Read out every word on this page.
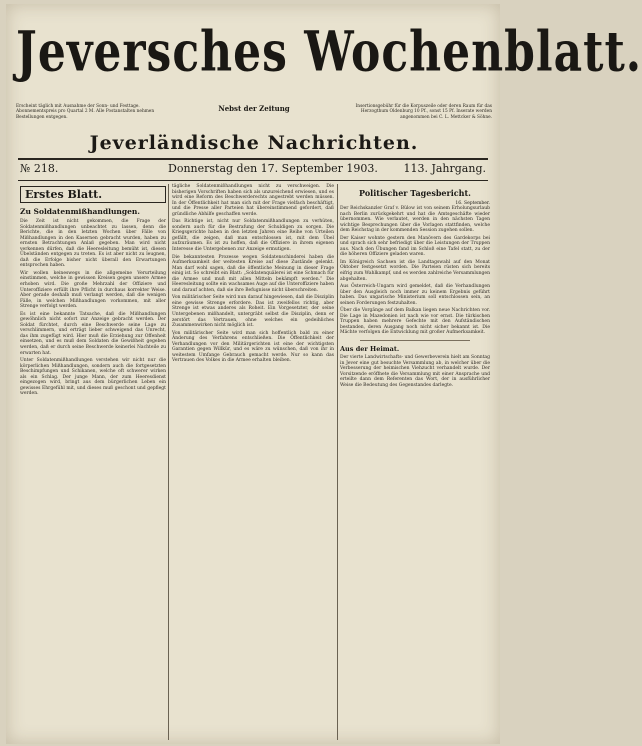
Jeversches Wochenblatt.
Erscheint täglich mit Ausnahme der Sonn- und Festtage. Abonnementspreis pro Quartal 2 M. Alle Postanstalten nehmen Bestellungen entgegen.
Nebst der Zeitung	Insertionsgebühr für die Korpuszeile oder deren Raum für das Herzogthum Oldenburg 10 Pf., sonst 15 Pf. Inserate werden angenommen bei C. L. Mettcker & Söhne.
Jeverländische Nachrichten.
№ 218.	Donnerstag den 17. September 1903. 113. Jahrgang.
Erstes Blatt.
Zu Soldatenmißhandlungen.

Die Zeit ist nicht gekommen, die Frage der Soldatenmißhandlungen unbeachtet zu lassen, denn die Berichte, die in den letzten Wochen über Fälle von Mißhandlungen in den Kasernen gebracht wurden, haben zu ernsten Betrachtungen Anlaß gegeben. Man wird nicht verkennen dürfen, daß die Heeresleitung bemüht ist, diesen Übelständen entgegen zu treten. Es ist aber nicht zu leugnen, daß die Erfolge bisher nicht überall den Erwartungen entsprochen haben.

Wir wollen keineswegs in die allgemeine Verurteilung einstimmen, welche in gewissen Kreisen gegen unsere Armee erhoben wird. Die große Mehrzahl der Offiziere und Unteroffiziere erfüllt ihre Pflicht in durchaus korrekter Weise. Aber gerade deshalb muß verlangt werden, daß die wenigen Fälle, in welchen Mißhandlungen vorkommen, mit aller Strenge verfolgt werden.

Es ist eine bekannte Tatsache, daß die Mißhandlungen gewöhnlich nicht sofort zur Anzeige gebracht werden. Der Soldat fürchtet, durch eine Beschwerde seine Lage zu verschlimmern, und erträgt lieber schweigend das Unrecht, das ihm zugefügt wird. Hier muß die Erziehung zur Offenheit einsetzen, und es muß dem Soldaten die Gewißheit gegeben werden, daß er durch seine Beschwerde keinerlei Nachteile zu erwarten hat.

Unter Soldatenmißhandlungen verstehen wir nicht nur die körperlichen Mißhandlungen, sondern auch die fortgesetzten Beschimpfungen und Schikanen, welche oft schwerer wirken als ein Schlag. Der junge Mann, der zum Heeresdienst eingezogen wird, bringt aus dem bürgerlichen Leben ein gewisses Ehrgefühl mit, und dieses muß geschont und gepflegt werden.

tägliche Soldatenmißhandlungen nicht zu verschweigen. Die bisherigen Vorschriften haben sich als unzureichend erwiesen, und es wird eine Reform des Beschwerderechts angestrebt werden müssen. In der Öffentlichkeit hat man sich mit der Frage vielfach beschäftigt, und die Presse aller Parteien hat übereinstimmend gefordert, daß gründliche Abhilfe geschaffen werde.

Das Richtige ist, nicht nur Soldatenmißhandlungen zu verhüten, sondern auch für die Bestrafung der Schuldigen zu sorgen. Die Kriegsgerichte haben in den letzten Jahren eine Reihe von Urteilen gefällt, die zeigen, daß man entschlossen ist, mit dem Übel aufzuräumen. Es ist zu hoffen, daß die Offiziere in ihrem eigenen Interesse die Untergebenen zur Anzeige ermutigen.

Die bekanntesten Prozesse wegen Soldatenschinderei haben die Aufmerksamkeit der weitesten Kreise auf diese Zustände gelenkt. Man darf wohl sagen, daß die öffentliche Meinung in dieser Frage einig ist. So schreibt ein Blatt: „Soldatenquälerei ist eine Schmach für die Armee und muß mit allen Mitteln bekämpft werden.“ Die Heeresleitung sollte ein wachsames Auge auf die Unteroffiziere haben und darauf achten, daß sie ihre Befugnisse nicht überschreiten.

Von militärischer Seite wird nun darauf hingewiesen, daß die Disziplin eine gewisse Strenge erfordere. Das ist zweifellos richtig, aber Strenge ist etwas anderes als Roheit. Ein Vorgesetzter, der seine Untergebenen mißhandelt, untergräbt selbst die Disziplin, denn er zerstört das Vertrauen, ohne welches ein gedeihliches Zusammenwirken nicht möglich ist.

Von militärischer Seite wird man sich hoffentlich bald zu einer Änderung des Verfahrens entschließen. Die Öffentlichkeit der Verhandlungen vor den Militärgerichten ist eine der wichtigsten Garantien gegen Willkür, und es wäre zu wünschen, daß von ihr in weitestem Umfange Gebrauch gemacht werde. Nur so kann das Vertrauen des Volkes in die Armee erhalten bleiben.

Politischer Tagesbericht.
16. September.

Der Reichskanzler Graf v. Bülow ist von seinem Erholungsurlaub nach Berlin zurückgekehrt und hat die Amtsgeschäfte wieder übernommen. Wie verlautet, werden in den nächsten Tagen wichtige Besprechungen über die Vorlagen stattfinden, welche dem Reichstag in der kommenden Session zugehen sollen.

Der Kaiser wohnte gestern den Manövern des Gardekorps bei und sprach sich sehr befriedigt über die Leistungen der Truppen aus. Nach den Übungen fand im Schloß eine Tafel statt, zu der die höheren Offiziere geladen waren.

Im Königreich Sachsen ist die Landtagswahl auf den Monat Oktober festgesetzt worden. Die Parteien rüsten sich bereits eifrig zum Wahlkampf, und es werden zahlreiche Versammlungen abgehalten.

Aus Österreich-Ungarn wird gemeldet, daß die Verhandlungen über den Ausgleich noch immer zu keinem Ergebnis geführt haben. Das ungarische Ministerium soll entschlossen sein, an seinen Forderungen festzuhalten.

Über die Vorgänge auf dem Balkan liegen neue Nachrichten vor. Die Lage in Mazedonien ist nach wie vor ernst. Die türkischen Truppen haben mehrere Gefechte mit den Aufständischen bestanden, deren Ausgang noch nicht sicher bekannt ist. Die Mächte verfolgen die Entwicklung mit großer Aufmerksamkeit.

Aus der Heimat.

Der vierte Landwirtschafts- und Gewerbeverein hielt am Sonntag in Jever eine gut besuchte Versammlung ab, in welcher über die Verbesserung der heimischen Viehzucht verhandelt wurde. Der Vorsitzende eröffnete die Versammlung mit einer Ansprache und erteilte dann dem Referenten das Wort, der in ausführlicher Weise die Bedeutung des Gegenstandes darlegte.
